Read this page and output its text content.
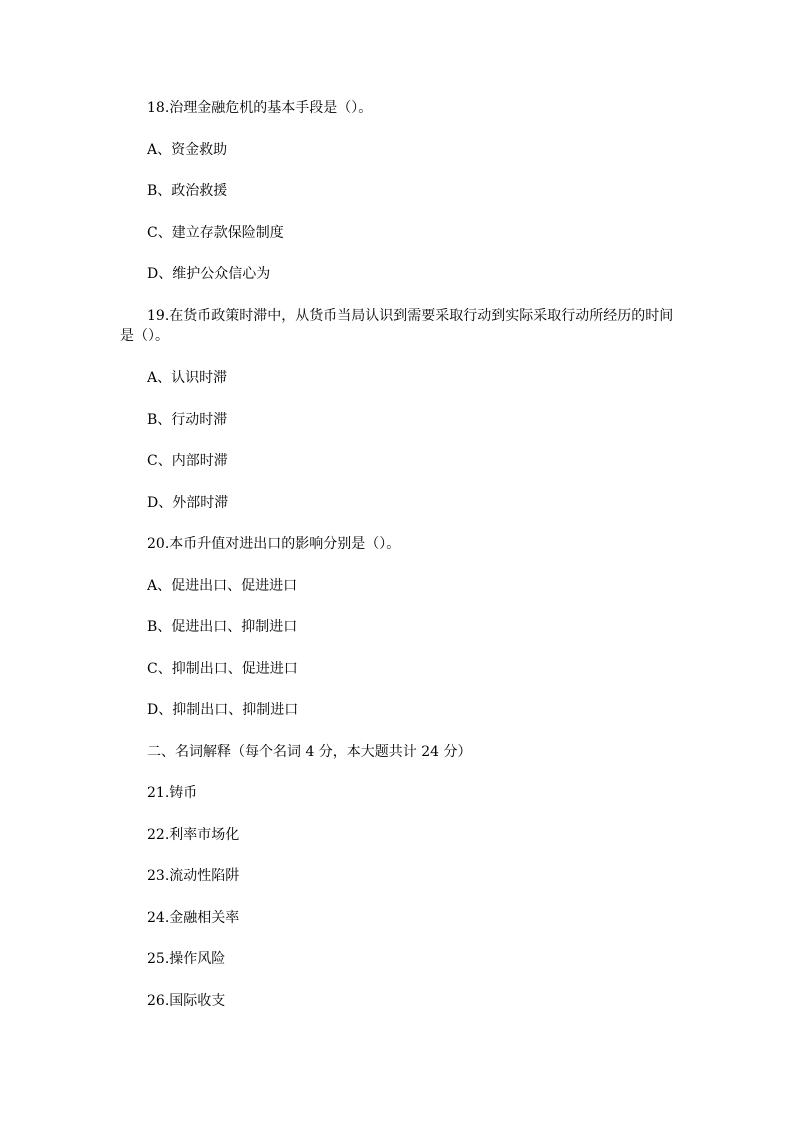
18.治理金融危机的基本手段是（）。
A、资金救助
B、政治救援
C、建立存款保险制度
D、维护公众信心为
19.在货币政策时滞中，从货币当局认识到需要采取行动到实际采取行动所经历的时间是（）。
A、认识时滞
B、行动时滞
C、内部时滞
D、外部时滞
20.本币升值对进出口的影响分别是（）。
A、促进出口、促进进口
B、促进出口、抑制进口
C、抑制出口、促进进口
D、抑制出口、抑制进口
二、名词解释（每个名词 4 分，本大题共计 24 分）
21.铸币
22.利率市场化
23.流动性陷阱
24.金融相关率
25.操作风险
26.国际收支
